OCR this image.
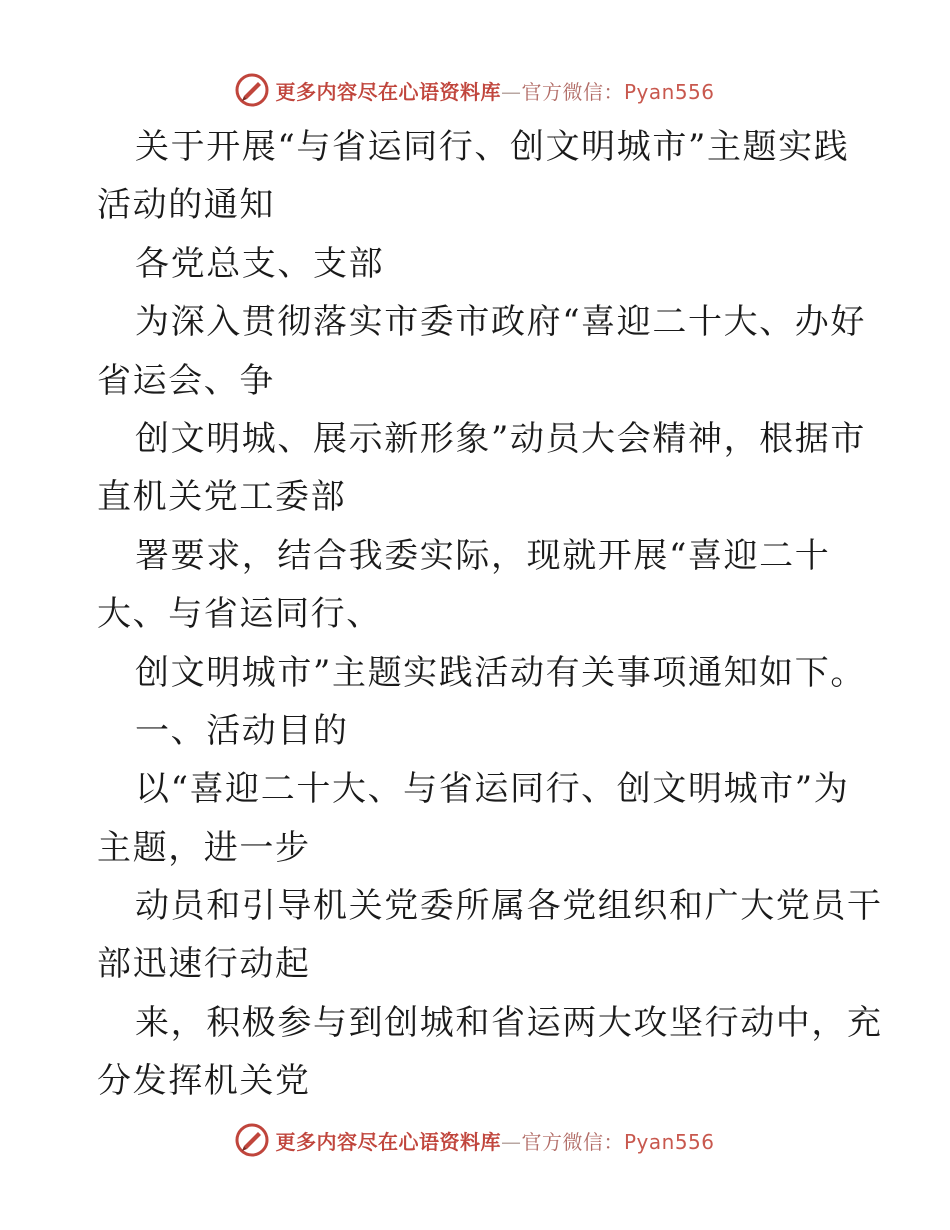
更多内容尽在心语资料库—官方微信：Pyan556
关于开展“与省运同行、创文明城市”主题实践
活动的通知
各党总支、支部
为深入贯彻落实市委市政府“喜迎二十大、办好
省运会、争
创文明城、展示新形象”动员大会精神，根据市
直机关党工委部
署要求，结合我委实际，现就开展“喜迎二十
大、与省运同行、
创文明城市”主题实践活动有关事项通知如下。
一、活动目的
以“喜迎二十大、与省运同行、创文明城市”为
主题，进一步
动员和引导机关党委所属各党组织和广大党员干
部迅速行动起
来，积极参与到创城和省运两大攻坚行动中，充
分发挥机关党
更多内容尽在心语资料库—官方微信：Pyan556
